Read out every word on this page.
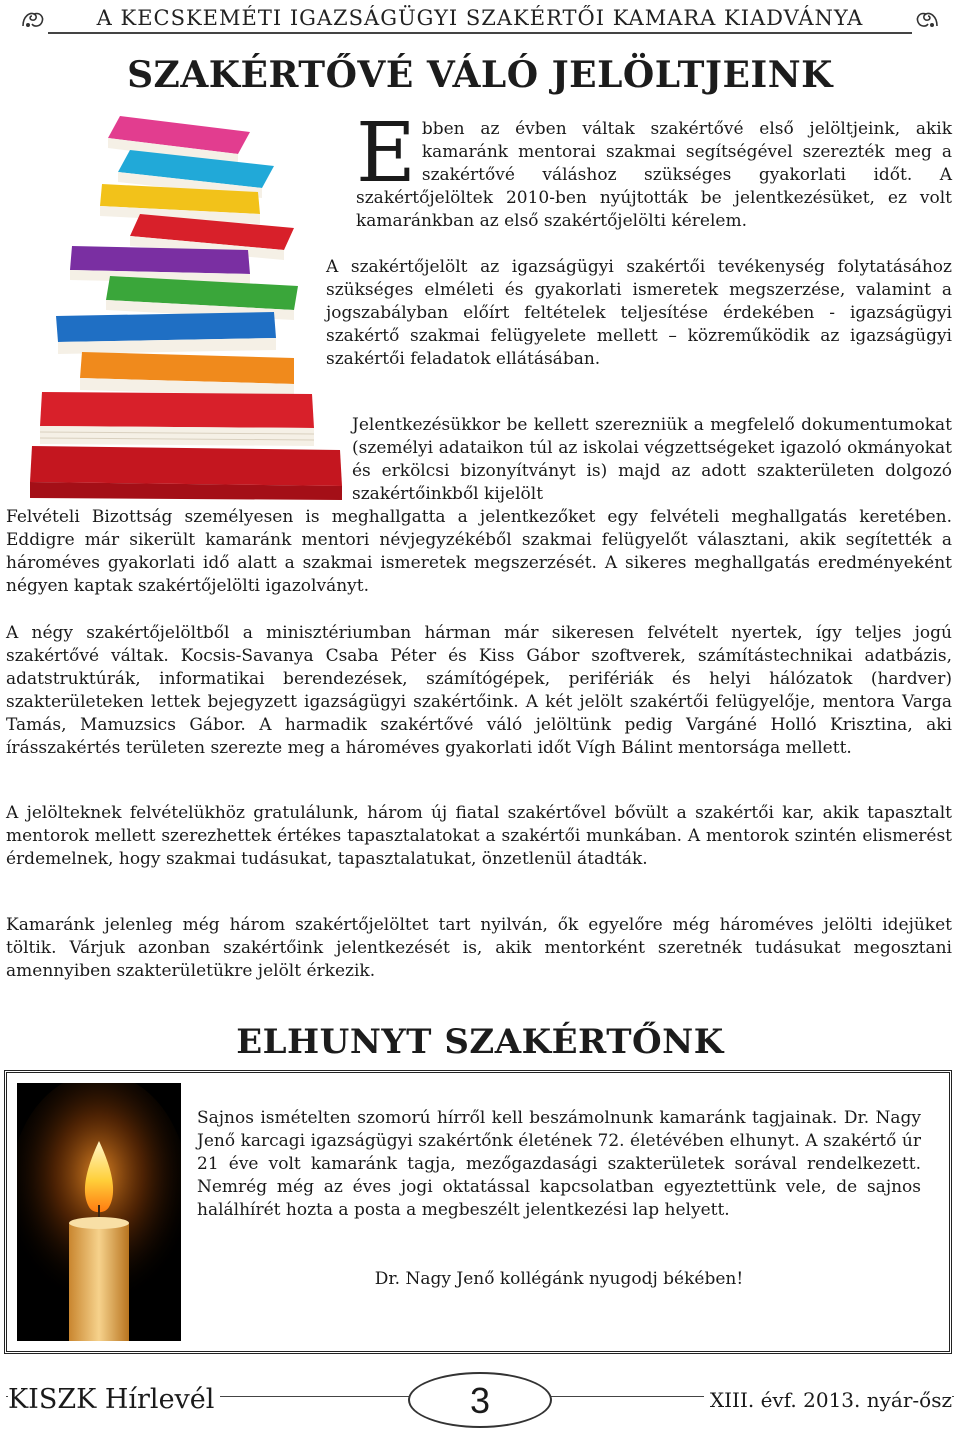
A KECSKEMÉTI IGAZSÁGÜGYI SZAKÉRTŐI KAMARA KIADVÁNYA
SZAKÉRTŐVÉ VÁLÓ JELÖLTJEINK
Ebben az évben váltak szakértővé első jelöltjeink, akik kamaránk mentorai szakmai segítségével szerezték meg a szakértővé váláshoz szükséges gyakorlati időt. A szakértőjelöltek 2010-ben nyújtották be jelentkezésüket, ez volt kamaránkban az első szakértőjelölti kérelem.

A szakértőjelölt az igazságügyi szakértői tevékenység folytatásához szükséges elméleti és gyakorlati ismeretek megszerzése, valamint a jogszabályban előírt feltételek teljesítése érdekében - igazságügyi szakértő szakmai felügyelete mellett – közreműködik az igazságügyi szakértői feladatok ellátásában.

Jelentkezésükkor be kellett szerezniük a megfelelő dokumentumokat (személyi adataikon túl az iskolai végzettségeket igazoló okmányokat és erkölcsi bizonyítványt is) majd az adott szakterületen dolgozó szakértőinkből kijelölt

Felvételi Bizottság személyesen is meghallgatta a jelentkezőket egy felvételi meghallgatás keretében. Eddigre már sikerült kamaránk mentori névjegyzékéből szakmai felügyelőt választani, akik segítették a hároméves gyakorlati idő alatt a szakmai ismeretek megszerzését. A sikeres meghallgatás eredményeként négyen kaptak szakértőjelölti igazolványt.

A négy szakértőjelöltből a minisztériumban hárman már sikeresen felvételt nyertek, így teljes jogú szakértővé váltak. Kocsis-Savanya Csaba Péter és Kiss Gábor szoftverek, számítástechnikai adatbázis, adatstruktúrák, informatikai berendezések, számítógépek, perifériák és helyi hálózatok (hardver) szakterületeken lettek bejegyzett igazságügyi szakértőink. A két jelölt szakértői felügyelője, mentora Varga Tamás, Mamuzsics Gábor. A harmadik szakértővé váló jelöltünk pedig Vargáné Holló Krisztina, aki írásszakértés területen szerezte meg a hároméves gyakorlati időt Vígh Bálint mentorsága mellett.

A jelölteknek felvételükhöz gratulálunk, három új fiatal szakértővel bővült a szakértői kar, akik tapasztalt mentorok mellett szerezhettek értékes tapasztalatokat a szakértői munkában. A mentorok szintén elismerést érdemelnek, hogy szakmai tudásukat, tapasztalatukat, önzetlenül átadták.

Kamaránk jelenleg még három szakértőjelöltet tart nyilván, ők egyelőre még hároméves jelölti idejüket töltik. Várjuk azonban szakértőink jelentkezését is, akik mentorként szeretnék tudásukat megosztani amennyiben szakterületükre jelölt érkezik.

ELHUNYT SZAKÉRTŐNK

Sajnos ismételten szomorú hírről kell beszámolnunk kamaránk tagjainak. Dr. Nagy Jenő karcagi igazságügyi szakértőnk életének 72. életévében elhunyt. A szakértő úr 21 éve volt kamaránk tagja, mezőgazdasági szakterületek sorával rendelkezett. Nemrég még az éves jogi oktatással kapcsolatban egyeztettünk vele, de sajnos halálhírét hozta a posta a megbeszélt jelentkezési lap helyett.

Dr. Nagy Jenő kollégánk nyugodj békében!
KISZK Hírlevél	3	XIII. évf. 2013. nyár-ősz
